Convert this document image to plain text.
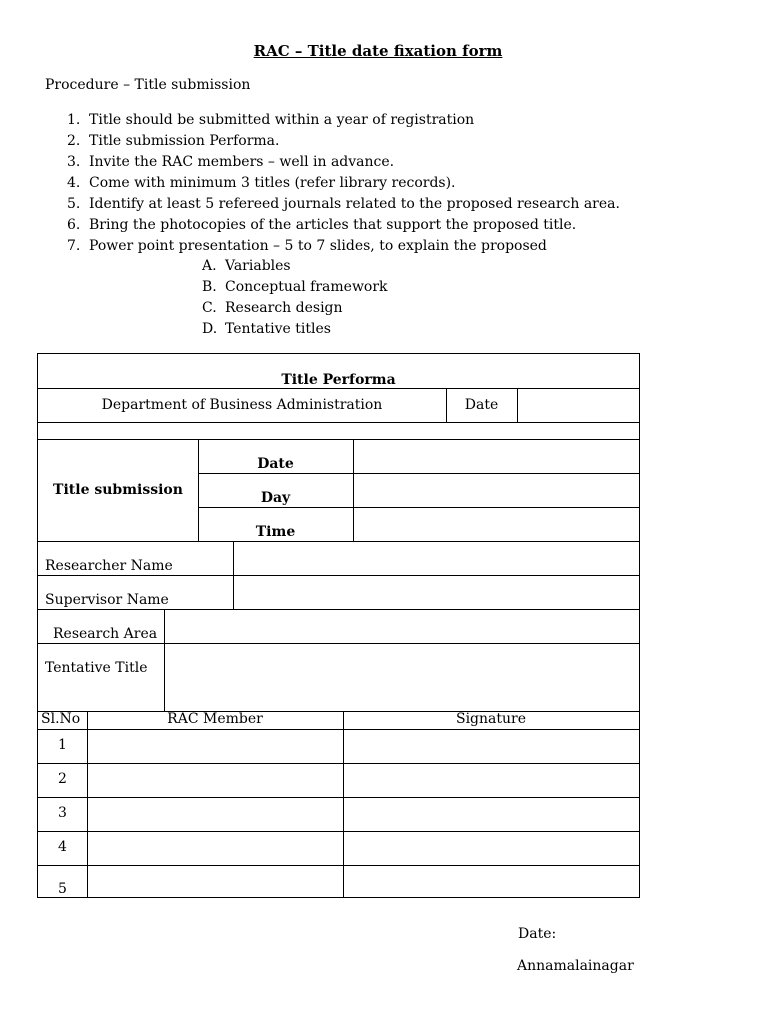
RAC – Title date fixation form
Procedure – Title submission
1. Title should be submitted within a year of registration
2. Title submission Performa.
3. Invite the RAC members – well in advance.
4. Come with minimum 3 titles (refer library records).
5. Identify at least 5 refereed journals related to the proposed research area.
6. Bring the photocopies of the articles that support the proposed title.
7. Power point presentation – 5 to 7 slides, to explain the proposed
A. Variables
B. Conceptual framework
C. Research design
D. Tentative titles
Title Performa
Department of Business Administration	Date
Title submission
Date
Day
Time
Researcher Name
Supervisor Name
Research Area
Tentative Title
Sl.No	RAC Member	Signature
1
2
3
4
5
Date:
Annamalainagar
